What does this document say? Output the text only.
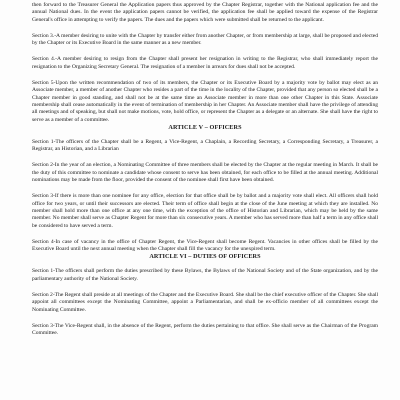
then forward to the Treasurer General the Application papers thus approved by the Chapter Registrar, together with the National application fee and the annual National dues. In the event the application papers cannot be verified, the application fee shall be applied toward the expense of the Registrar General's office in attempting to verify the papers. The dues and the papers which were submitted shall be returned to the applicant.

Section 3.-A member desiring to unite with the Chapter by transfer either from another Chapter, or from membership at large, shall be proposed and elected by the Chapter or its Executive Board in the same manner as a new member.

Section 4.-A member desiring to resign from the Chapter shall present her resignation in writing to the Registrar, who shall immediately report the resignation to the Organizing Secretary General. The resignation of a member in arrears for dues shall not be accepted.

Section 5-Upon the written recommendation of two of its members, the Chapter or its Executive Board by a majority vote by ballot may elect as an Associate member, a member of another Chapter who resides a part of the time in the locality of the Chapter, provided that any person so elected shall be a Chapter member in good standing, and shall not be at the same time an Associate member in more than one other Chapter in this State. Associate membership shall cease automatically in the event of termination of membership in her Chapter. An Associate member shall have the privilege of attending all meetings and of speaking, but shall not make motions, vote, hold office, or represent the Chapter as a delegate or an alternate. She shall have the right to serve as a member of a committee.

ARTICLE V – OFFICERS

Section 1-The officers of the Chapter shall be a Regent, a Vice-Regent, a Chaplain, a Recording Secretary, a Corresponding Secretary, a Treasurer, a Registrar, an Historian, and a Librarian

Section 2-In the year of an election, a Nominating Committee of three members shall be elected by the Chapter at the regular meeting in March. It shall be the duty of this committee to nominate a candidate whose consent to serve has been obtained, for each office to be filled at the annual meeting. Additional nominations may be made from the floor, provided the consent of the nominee shall first have been obtained.

Section 3-If there is more than one nominee for any office, election for that office shall be by ballot and a majority vote shall elect. All officers shall hold office for two years, or until their successors are elected. Their term of office shall begin at the close of the June meeting at which they are installed. No member shall hold more than one office at any one time, with the exception of the office of Historian and Librarian, which may be held by the same member. No member shall serve as Chapter Regent for more than six consecutive years. A member who has served more than half a term in any office shall be considered to have served a term.

Section 4-In case of vacancy in the office of Chapter Regent, the Vice-Regent shall become Regent. Vacancies in other offices shall be filled by the Executive Board until the next annual meeting when the Chapter shall fill the vacancy for the unexpired term.

ARTICLE VI – DUTIES OF OFFICERS

Section 1-The officers shall perform the duties prescribed by these Bylaws, the Bylaws of the National Society and of the State organization, and by the parliamentary authority of the National Society.

Section 2-The Regent shall preside at all meetings of the Chapter and the Executive Board. She shall be the chief executive officer of the Chapter. She shall appoint all committees except the Nominating Committee, appoint a Parliamentarian, and shall be ex-officio member of all committees except the Nominating Committee.

Section 3-The Vice-Regent shall, in the absence of the Regent, perform the duties pertaining to that office. She shall serve as the Chairman of the Program Committee.
